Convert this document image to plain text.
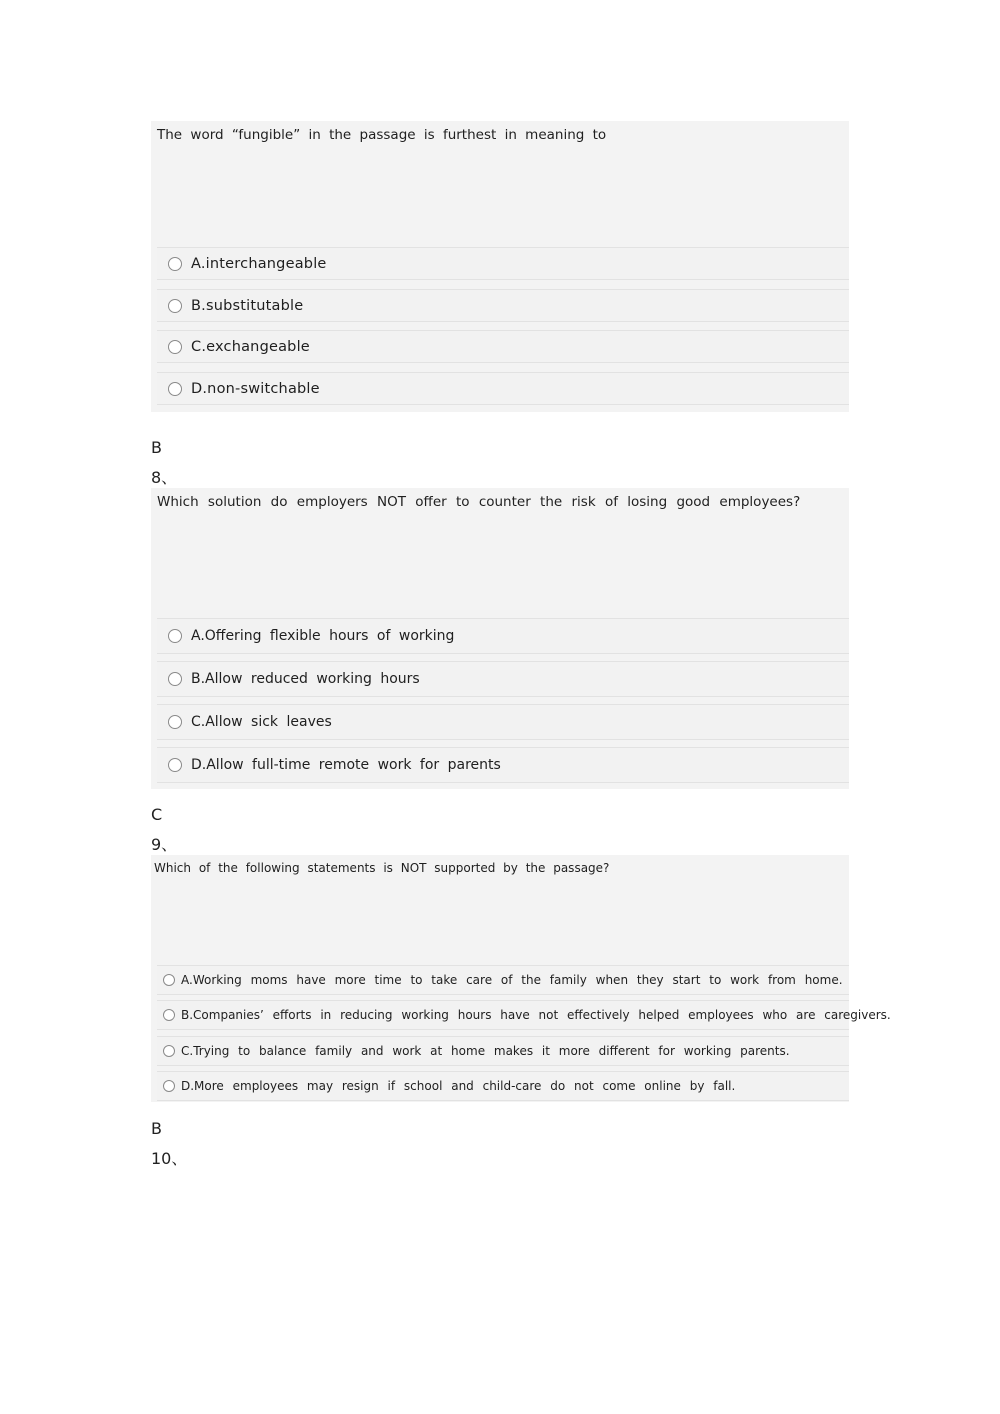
The word “fungible” in the passage is furthest in meaning to
A.interchangeable
B.substitutable
C.exchangeable
D.non-switchable
B
8、
Which solution do employers NOT offer to counter the risk of losing good employees?
A.Offering flexible hours of working
B.Allow reduced working hours
C.Allow sick leaves
D.Allow full-time remote work for parents
C
9、
Which of the following statements is NOT supported by the passage?
A.Working moms have more time to take care of the family when they start to work from home.
B.Companies’ efforts in reducing working hours have not effectively helped employees who are caregivers.
C.Trying to balance family and work at home makes it more different for working parents.
D.More employees may resign if school and child-care do not come online by fall.
B
10、
